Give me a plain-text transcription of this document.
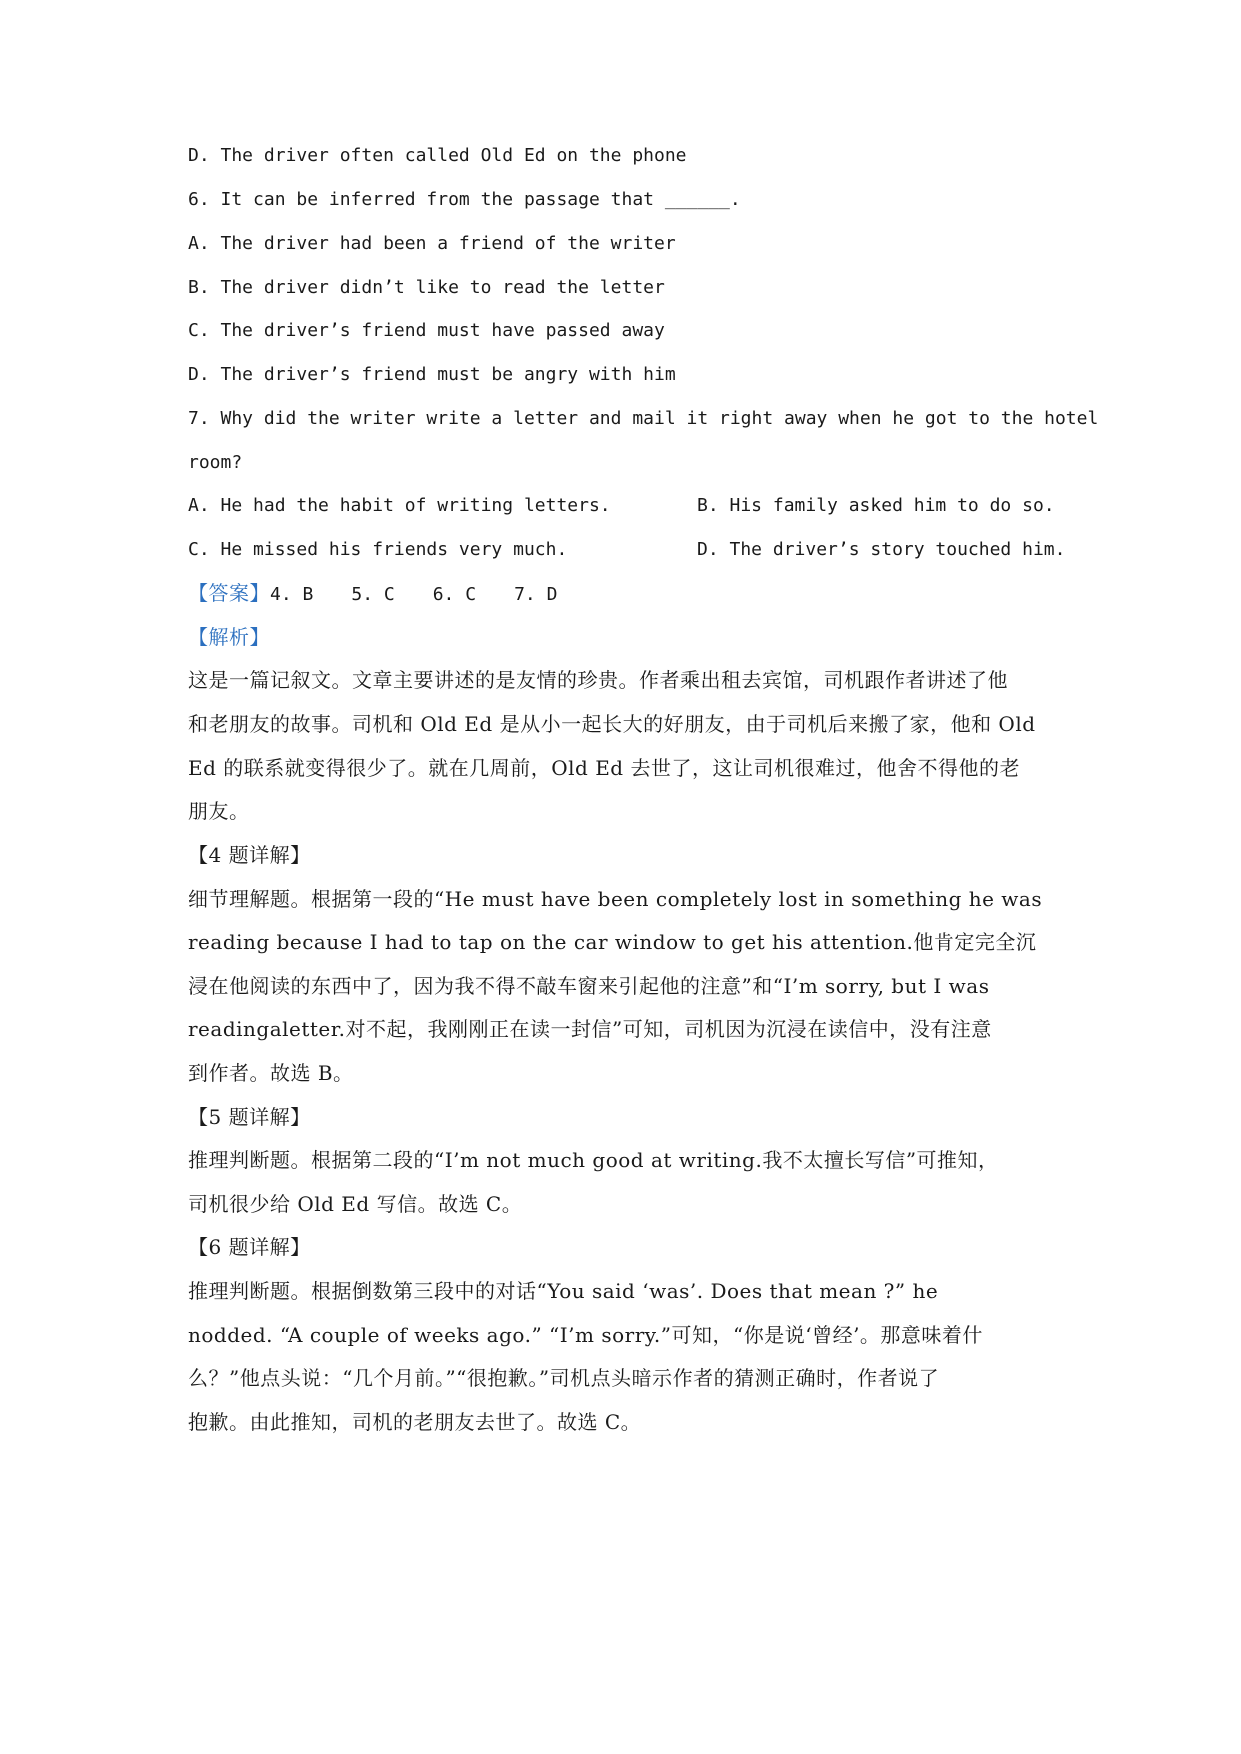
D. The driver often called Old Ed on the phone
6. It can be inferred from the passage that ______.
A. The driver had been a friend of the writer
B. The driver didn’t like to read the letter
C. The driver’s friend must have passed away
D. The driver’s friend must be angry with him
7. Why did the writer write a letter and mail it right away when he got to the hotel
room?

A. He had the habit of writing letters.

	B. His family asked him to do so.

C. He missed his friends very much.

	D. The driver’s story touched him.

【答案】4. B 5. C 6. C 7. D
【解析】
这是一篇记叙文。文章主要讲述的是友情的珍贵。作者乘出租去宾馆，司机跟作者讲述了他
和老朋友的故事。司机和 Old Ed 是从小一起长大的好朋友，由于司机后来搬了家，他和 Old
Ed 的联系就变得很少了。就在几周前，Old Ed 去世了，这让司机很难过，他舍不得他的老
朋友。
【4 题详解】
细节理解题。根据第一段的“He must have been completely lost in something he was
reading because I had to tap on the car window to get his attention.他肯定完全沉
浸在他阅读的东西中了，因为我不得不敲车窗来引起他的注意”和“I’m sorry, but I was
readingaletter.对不起，我刚刚正在读一封信”可知，司机因为沉浸在读信中，没有注意
到作者。故选 B。
【5 题详解】
推理判断题。根据第二段的“I’m not much good at writing.我不太擅长写信”可推知，
司机很少给 Old Ed 写信。故选 C。
【6 题详解】
推理判断题。根据倒数第三段中的对话“You said ‘was’. Does that mean ?” he
nodded. “A couple of weeks ago.” “I’m sorry.”可知，“你是说‘曾经’。那意味着什
么？”他点头说：“几个月前。”“很抱歉。”司机点头暗示作者的猜测正确时，作者说了
抱歉。由此推知，司机的老朋友去世了。故选 C。
